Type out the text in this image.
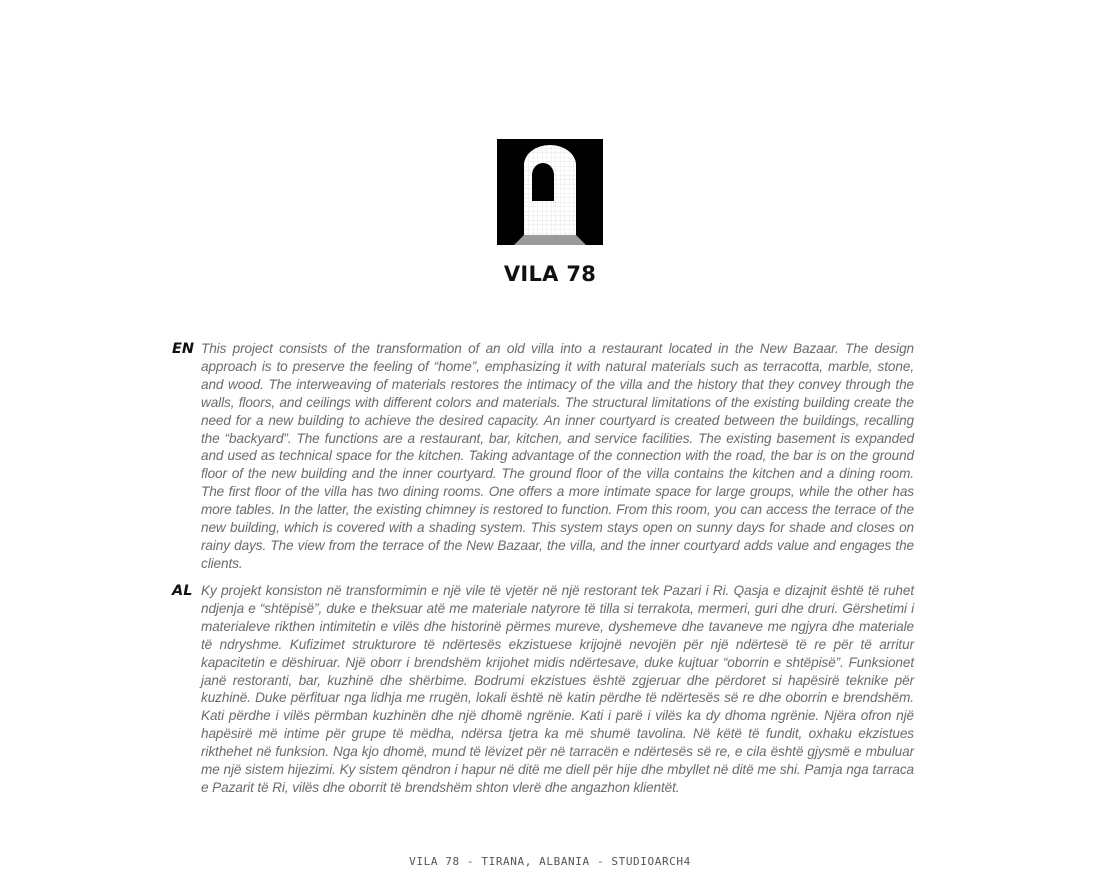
VILA 78
EN This project consists of the transformation of an old villa into a restaurant located in the New Bazaar. The design approach is to preserve the feeling of “home”, emphasizing it with natural materials such as terracotta, marble, stone, and wood. The interweaving of materials restores the intimacy of the villa and the history that they convey through the walls, floors, and ceilings with different colors and materials. The structural limitations of the existing building create the need for a new building to achieve the desired capacity. An inner courtyard is created between the buildings, recalling the “backyard”. The functions are a restaurant, bar, kitchen, and service facilities. The existing basement is expanded and used as technical space for the kitchen. Taking advantage of the connection with the road, the bar is on the ground floor of the new building and the inner courtyard. The ground floor of the villa contains the kitchen and a dining room. The first floor of the villa has two dining rooms. One offers a more intimate space for large groups, while the other has more tables. In the latter, the existing chimney is restored to function. From this room, you can access the terrace of the new building, which is covered with a shading system. This system stays open on sunny days for shade and closes on rainy days. The view from the terrace of the New Bazaar, the villa, and the inner courtyard adds value and engages the clients.

AL Ky projekt konsiston në transformimin e një vile të vjetër në një restorant tek Pazari i Ri. Qasja e dizajnit është të ruhet ndjenja e “shtëpisë”, duke e theksuar atë me materiale natyrore të tilla si terrakota, mermeri, guri dhe druri. Gërshetimi i materialeve rikthen intimitetin e vilës dhe historinë përmes mureve, dyshemeve dhe tavaneve me ngjyra dhe materiale të ndryshme. Kufizimet strukturore të ndërtesës ekzistuese krijojnë nevojën për një ndërtesë të re për të arritur kapacitetin e dëshiruar. Një oborr i brendshëm krijohet midis ndërtesave, duke kujtuar “oborrin e shtëpisë”. Funksionet janë restoranti, bar, kuzhinë dhe shërbime. Bodrumi ekzistues është zgjeruar dhe përdoret si hapësirë teknike për kuzhinë. Duke përfituar nga lidhja me rrugën, lokali është në katin përdhe të ndërtesës së re dhe oborrin e brendshëm. Kati përdhe i vilës përmban kuzhinën dhe një dhomë ngrënie. Kati i parë i vilës ka dy dhoma ngrënie. Njëra ofron një hapësirë më intime për grupe të mëdha, ndërsa tjetra ka më shumë tavolina. Në këtë të fundit, oxhaku ekzistues rikthehet në funksion. Nga kjo dhomë, mund të lëvizet për në tarracën e ndërtesës së re, e cila është gjysmë e mbuluar me një sistem hijezimi. Ky sistem qëndron i hapur në ditë me diell për hije dhe mbyllet në ditë me shi. Pamja nga tarraca e Pazarit të Ri, vilës dhe oborrit të brendshëm shton vlerë dhe angazhon klientët.

VILA 78 - TIRANA, ALBANIA - STUDIOARCH4
